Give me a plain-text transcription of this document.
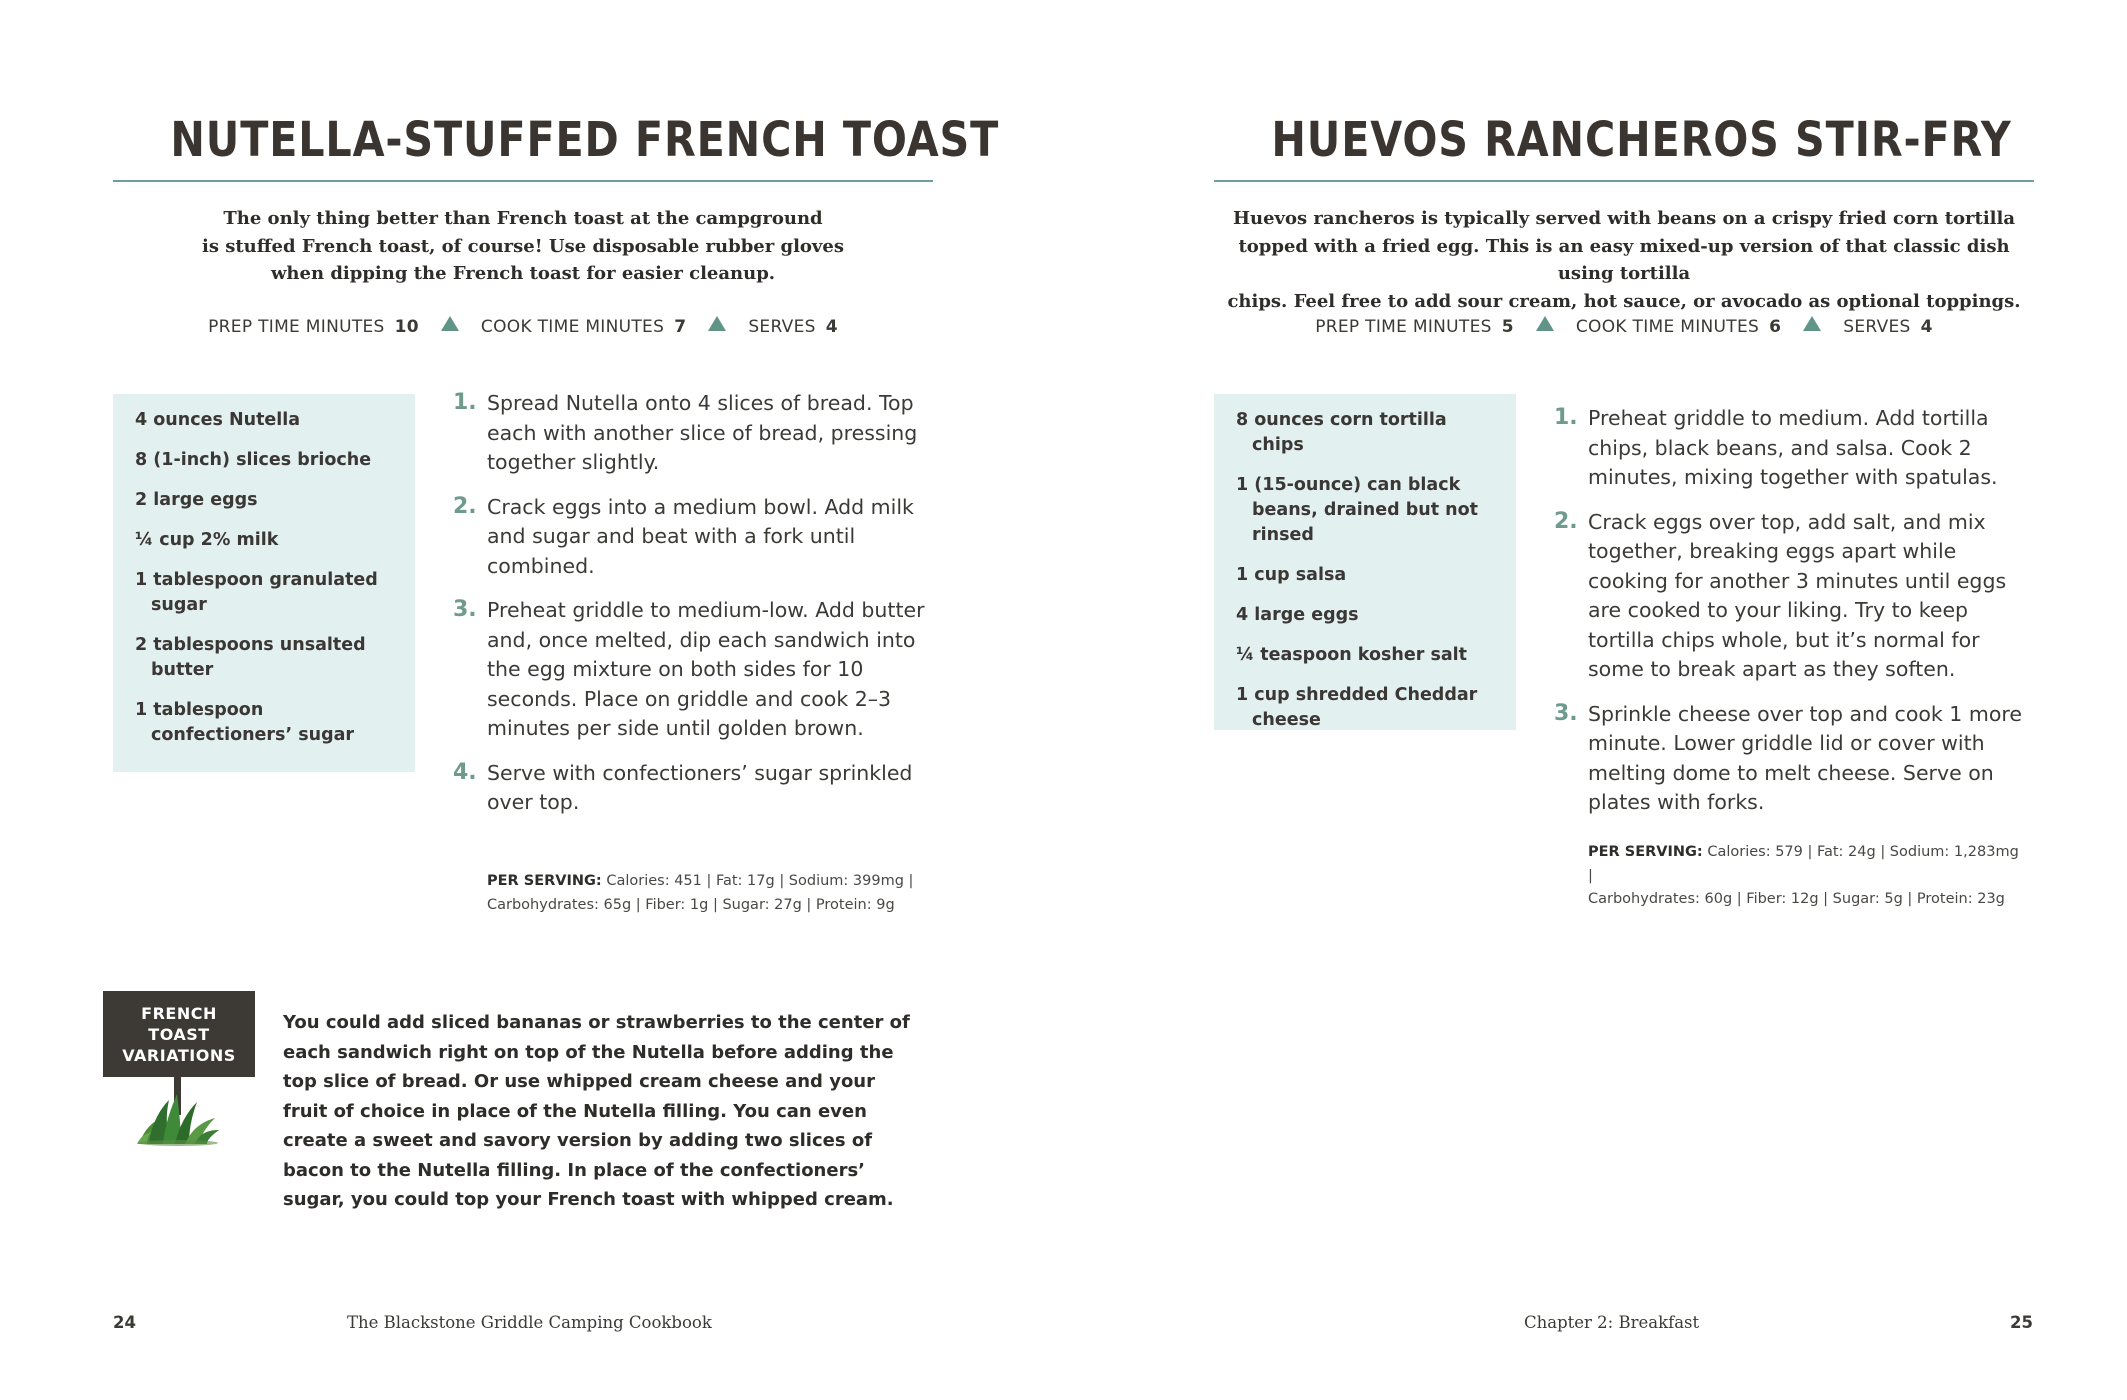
NUTELLA-STUFFED FRENCH TOAST
The only thing better than French toast at the campground
is stuffed French toast, of course! Use disposable rubber gloves
when dipping the French toast for easier cleanup.
PREP TIME MINUTES 10	COOK TIME MINUTES 7	SERVES 4
4 ounces Nutella
8 (1-inch) slices brioche
2 large eggs
¼ cup 2% milk
1 tablespoon granulated sugar
2 tablespoons unsalted butter
1 tablespoon confectioners’ sugar
1. Spread Nutella onto 4 slices of bread. Top each with another slice of bread, pressing together slightly.
2. Crack eggs into a medium bowl. Add milk and sugar and beat with a fork until combined.
3. Preheat griddle to medium-low. Add butter and, once melted, dip each sandwich into the egg mixture on both sides for 10 seconds. Place on griddle and cook 2–3 minutes per side until golden brown.
4. Serve with confectioners’ sugar sprinkled over top.
PER SERVING: Calories: 451 | Fat: 17g | Sodium: 399mg |
Carbohydrates: 65g | Fiber: 1g | Sugar: 27g | Protein: 9g
FRENCH
TOAST
VARIATIONS
You could add sliced bananas or strawberries to the center of each sandwich right on top of the Nutella before adding the top slice of bread. Or use whipped cream cheese and your fruit of choice in place of the Nutella filling. You can even create a sweet and savory version by adding two slices of bacon to the Nutella filling. In place of the confectioners’ sugar, you could top your French toast with whipped cream.
24	The Blackstone Griddle Camping Cookbook
HUEVOS RANCHEROS STIR-FRY
Huevos rancheros is typically served with beans on a crispy fried corn tortilla
topped with a fried egg. This is an easy mixed-up version of that classic dish using tortilla
chips. Feel free to add sour cream, hot sauce, or avocado as optional toppings.
PREP TIME MINUTES 5	COOK TIME MINUTES 6	SERVES 4
8 ounces corn tortilla chips
1 (15-ounce) can black beans, drained but not rinsed
1 cup salsa
4 large eggs
¼ teaspoon kosher salt
1 cup shredded Cheddar cheese
1. Preheat griddle to medium. Add tortilla chips, black beans, and salsa. Cook 2 minutes, mixing together with spatulas.
2. Crack eggs over top, add salt, and mix together, breaking eggs apart while cooking for another 3 minutes until eggs are cooked to your liking. Try to keep tortilla chips whole, but it’s normal for some to break apart as they soften.
3. Sprinkle cheese over top and cook 1 more minute. Lower griddle lid or cover with melting dome to melt cheese. Serve on plates with forks.
PER SERVING: Calories: 579 | Fat: 24g | Sodium: 1,283mg |
Carbohydrates: 60g | Fiber: 12g | Sugar: 5g | Protein: 23g
Chapter 2: Breakfast	25
